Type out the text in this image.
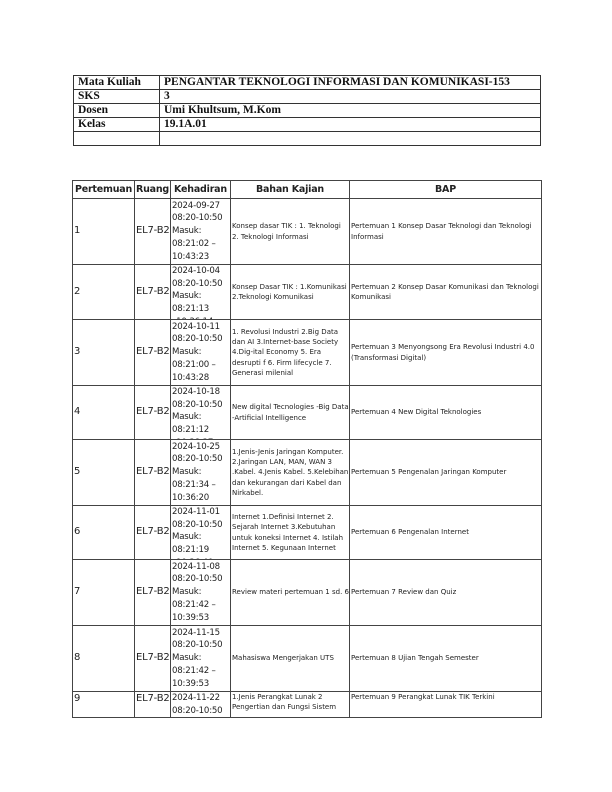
Mata Kuliah	PENGANTAR TEKNOLOGI INFORMASI DAN KOMUNIKASI-153
SKS	3
Dosen	Umi Khultsum, M.Kom
Kelas	19.1A.01

Pertemuan	Ruang	Kehadiran	Bahan Kajian	BAP

1	EL7-B2	2024-09-27
08:20-10:50
Masuk:
08:21:02 –
10:43:23	Konsep dasar TIK : 1. Teknologi 2. Teknologi Informasi	Pertemuan 1 Konsep Dasar Teknologi dan Teknologi Informasi

2	EL7-B2	2024-10-04
08:20-10:50
Masuk: 08:21:13	Konsep Dasar TIK : 1.Komunikasi 2.Teknologi Komunikasi	Pertemuan 2 Konsep Dasar Komunikasi dan Teknologi Komunikasi

3	EL7-B2	2024-10-11
08:20-10:50
Masuk:
08:21:00 –
10:43:28	1. Revolusi Industri 2.Big Data dan AI 3.Internet-base Society 4.Dig-ital Economy 5. Era desrupti f 6. Firm lifecycle 7. Generasi milenial	Pertemuan 3 Menyongsong Era Revolusi Industri 4.0 (Transformasi Digital)

4	EL7-B2	2024-10-18
08:20-10:50
Masuk: 08:21:12	New digital Tecnologies -Big Data -Artificial Intelligence	Pertemuan 4 New Digital Teknologies

5	EL7-B2	2024-10-25
08:20-10:50
Masuk:
08:21:34 –
10:36:20	1.Jenis-Jenis Jaringan Komputer. 2.Jaringan LAN, MAN, WAN 3 .Kabel. 4.Jenis Kabel. 5.Kelebihan dan kekurangan dari Kabel dan Nirkabel.	Pertemuan 5 Pengenalan Jaringan Komputer

6	EL7-B2	2024-11-01
08:20-10:50
Masuk: 08:21:19	Internet 1.Definisi Internet 2. Sejarah Internet 3.Kebutuhan untuk koneksi Internet 4. Istilah Internet 5. Kegunaan Internet	Pertemuan 6 Pengenalan Internet

7	EL7-B2	2024-11-08
08:20-10:50
Masuk:
08:21:42 –
10:39:53	Review materi pertemuan 1 sd. 6	Pertemuan 7 Review dan Quiz

8	EL7-B2	2024-11-15
08:20-10:50
Masuk:
08:21:42 –
10:39:53	Mahasiswa Mengerjakan UTS	Pertemuan 8 Ujian Tengah Semester

9	EL7-B2	2024-11-22
08:20-10:50	1.Jenis Perangkat Lunak 2 Pengertian dan Fungsi Sistem	Pertemuan 9 Perangkat Lunak TIK Terkini
